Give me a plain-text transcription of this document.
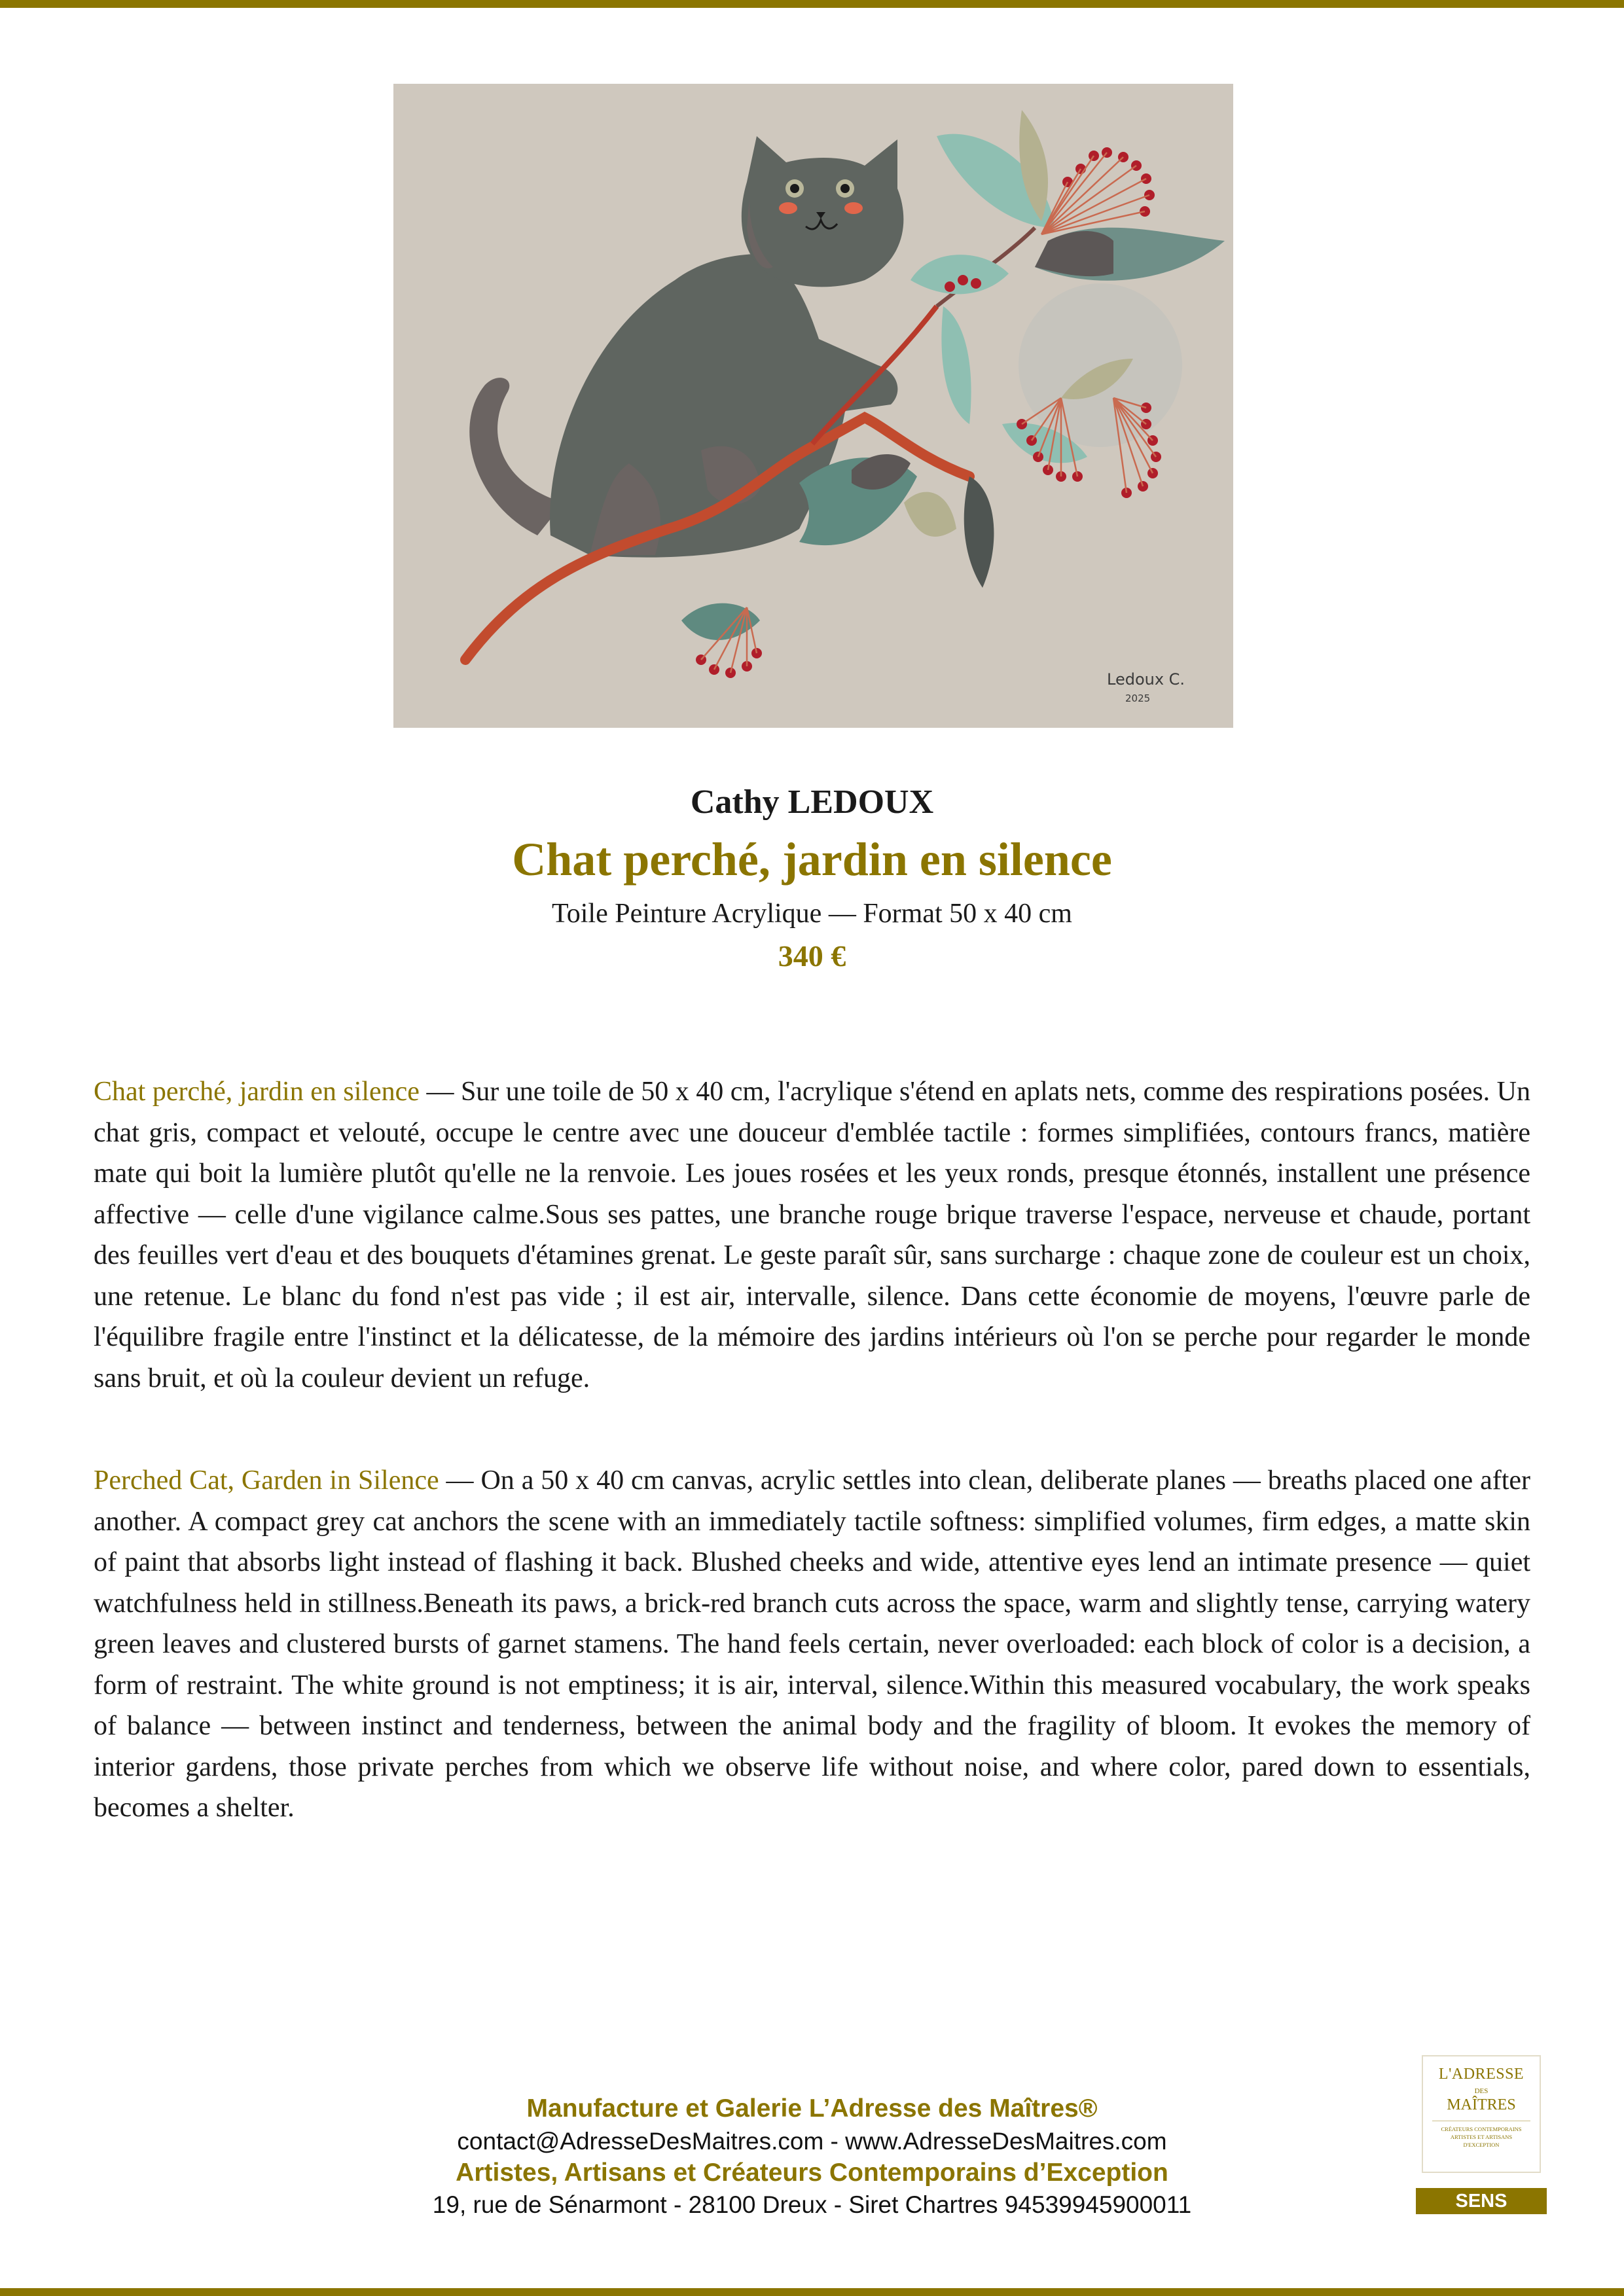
Ledoux C.
2025
Cathy LEDOUX
Chat perché, jardin en silence
Toile Peinture Acrylique — Format 50 x 40 cm
340 €

Chat perché, jardin en silence — Sur une toile de 50 x 40 cm, l'acrylique s'étend en aplats nets, comme des respirations posées. Un chat gris, compact et velouté, occupe le centre avec une douceur d'emblée tactile : formes simplifiées, contours francs, matière mate qui boit la lumière plutôt qu'elle ne la renvoie. Les joues rosées et les yeux ronds, presque étonnés, installent une présence affective — celle d'une vigilance calme.Sous ses pattes, une branche rouge brique traverse l'espace, nerveuse et chaude, portant des feuilles vert d'eau et des bouquets d'étamines grenat. Le geste paraît sûr, sans surcharge : chaque zone de couleur est un choix, une retenue. Le blanc du fond n'est pas vide ; il est air, intervalle, silence. Dans cette économie de moyens, l'œuvre parle de l'équilibre fragile entre l'instinct et la délicatesse, de la mémoire des jardins intérieurs où l'on se perche pour regarder le monde sans bruit, et où la couleur devient un refuge.

Perched Cat, Garden in Silence — On a 50 x 40 cm canvas, acrylic settles into clean, deliberate planes — breaths placed one after another. A compact grey cat anchors the scene with an immediately tactile softness: simplified volumes, firm edges, a matte skin of paint that absorbs light instead of flashing it back. Blushed cheeks and wide, attentive eyes lend an intimate presence — quiet watchfulness held in stillness.Beneath its paws, a brick-red branch cuts across the space, warm and slightly tense, carrying watery green leaves and clustered bursts of garnet stamens. The hand feels certain, never overloaded: each block of color is a decision, a form of restraint. The white ground is not emptiness; it is air, interval, silence.Within this measured vocabulary, the work speaks of balance — between instinct and tenderness, between the animal body and the fragility of bloom. It evokes the memory of interior gardens, those private perches from which we observe life without noise, and where color, pared down to essentials, becomes a shelter.

Manufacture et Galerie L’Adresse des Maîtres®
contact@AdresseDesMaitres.com - www.AdresseDesMaitres.com
Artistes, Artisans et Créateurs Contemporains d’Exception
19, rue de Sénarmont - 28100 Dreux - Siret Chartres 94539945900011
L'ADRESSE
DES
MAÎTRES
CRÉATEURS CONTEMPORAINS
ARTISTES ET ARTISANS
D'EXCEPTION
SENS
